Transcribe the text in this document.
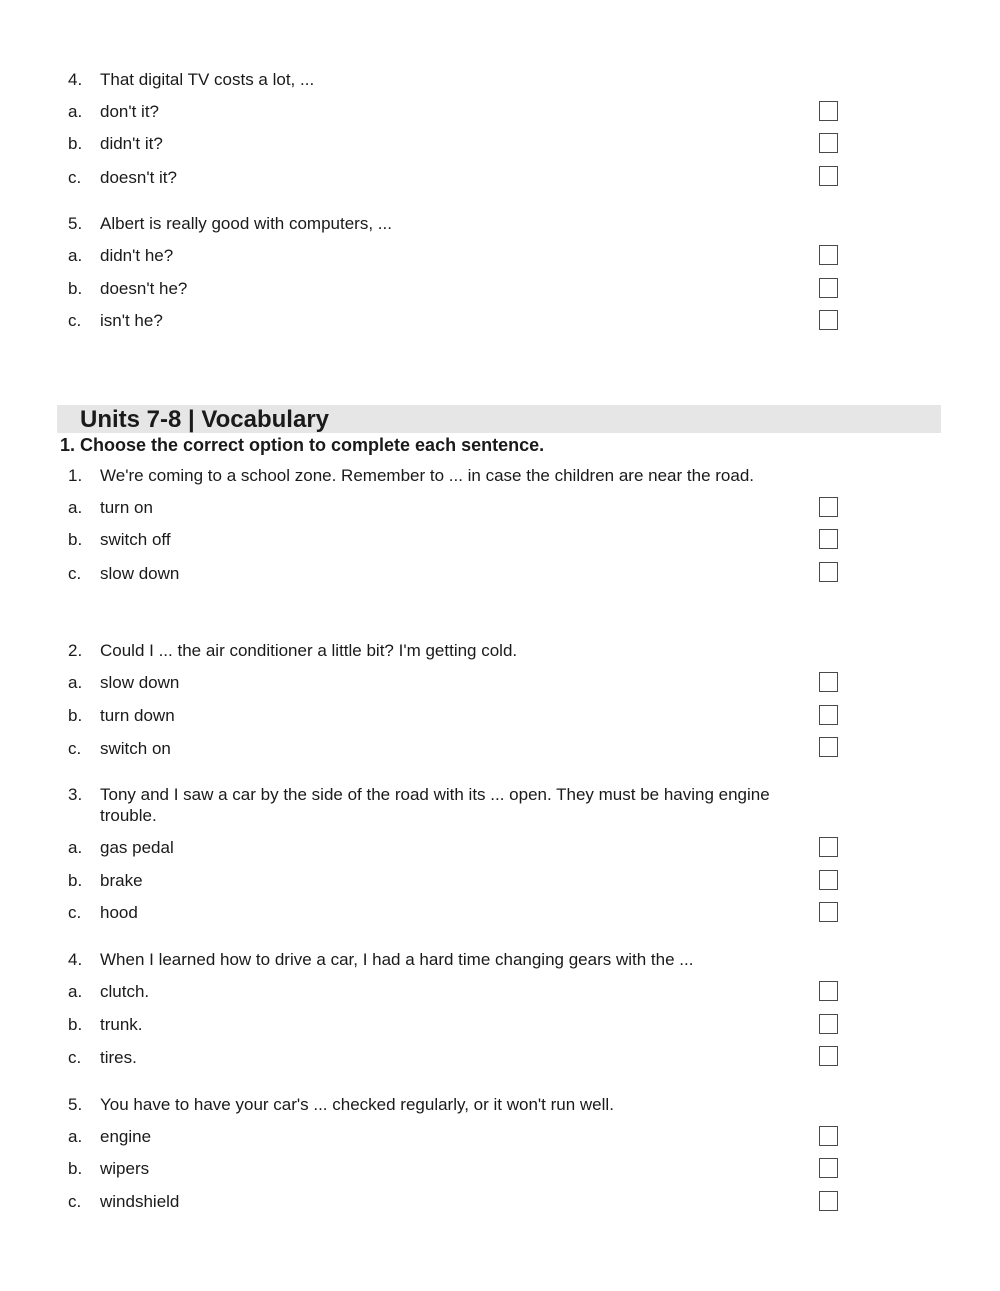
4.	That digital TV costs a lot, ...
a.	don't it?
b.	didn't it?
c.	doesn't it?
5.	Albert is really good with computers, ...
a.	didn't he?
b.	doesn't he?
c.	isn't he?
Units 7-8 | Vocabulary
1. Choose the correct option to complete each sentence.
1.	We're coming to a school zone. Remember to ... in case the children are near the road.
a.	turn on
b.	switch off
c.	slow down
2.	Could I ... the air conditioner a little bit? I'm getting cold.
a.	slow down
b.	turn down
c.	switch on
3.	Tony and I saw a car by the side of the road with its ... open. They must be having engine trouble.
a.	gas pedal
b.	brake
c.	hood
4.	When I learned how to drive a car, I had a hard time changing gears with the ...
a.	clutch.
b.	trunk.
c.	tires.
5.	You have to have your car's ... checked regularly, or it won't run well.
a.	engine
b.	wipers
c.	windshield
